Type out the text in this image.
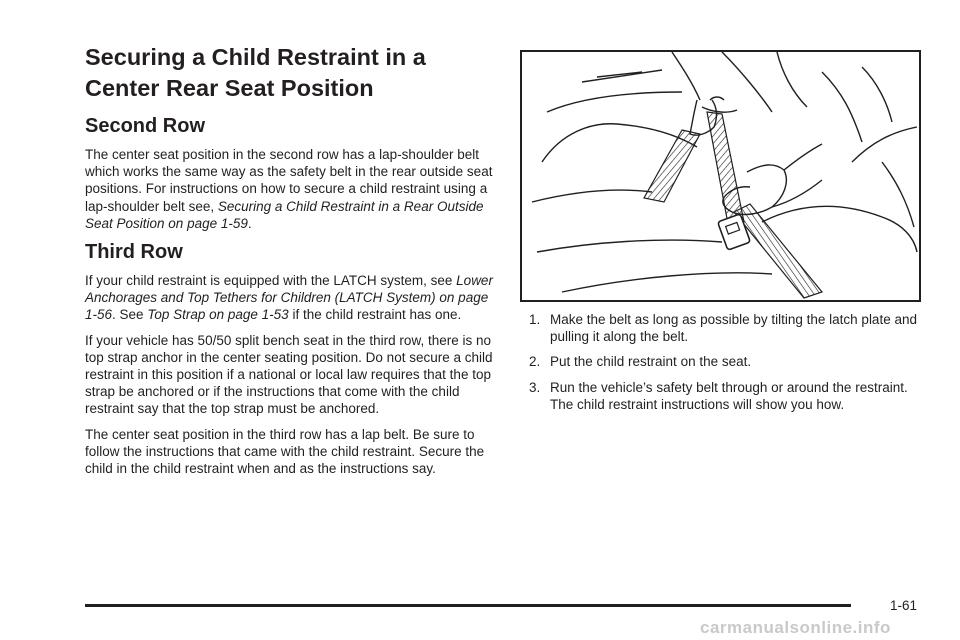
Securing a Child Restraint in a Center Rear Seat Position
Second Row

The center seat position in the second row has a lap-shoulder belt which works the same way as the safety belt in the rear outside seat positions. For instructions on how to secure a child restraint using a lap-shoulder belt see, Securing a Child Restraint in a Rear Outside Seat Position on page 1-59.

Third Row

If your child restraint is equipped with the LATCH system, see Lower Anchorages and Top Tethers for Children (LATCH System) on page 1-56. See Top Strap on page 1-53 if the child restraint has one.

If your vehicle has 50/50 split bench seat in the third row, there is no top strap anchor in the center seating position. Do not secure a child restraint in this position if a national or local law requires that the top strap be anchored or if the instructions that come with the child restraint say that the top strap must be anchored.

The center seat position in the third row has a lap belt. Be sure to follow the instructions that came with the child restraint. Secure the child in the child restraint when and as the instructions say.

1. Make the belt as long as possible by tilting the latch plate and pulling it along the belt.
2. Put the child restraint on the seat.
3. Run the vehicle’s safety belt through or around the restraint. The child restraint instructions will show you how.
1-61
carmanualsonline.info
